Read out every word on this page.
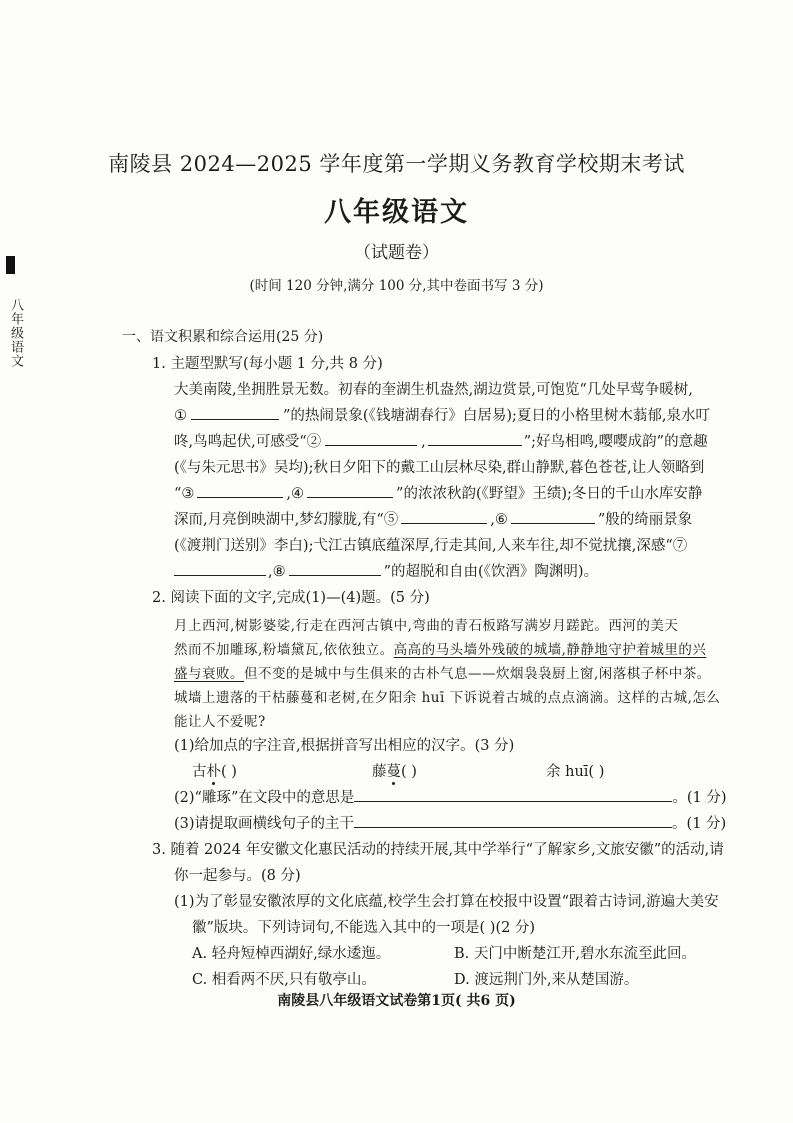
八年级语文
南陵县 2024—2025 学年度第一学期义务教育学校期末考试
八年级语文
（试题卷）
(时间 120 分钟,满分 100 分,其中卷面书写 3 分)
一、语文积累和综合运用(25 分)
1. 主题型默写(每小题 1 分,共 8 分)
大美南陵,坐拥胜景无数。初春的奎湖生机盎然,湖边赏景,可饱览“几处早莺争暖树,
①	”的热闹景象(《钱塘湖春行》白居易);夏日的小格里树木蓊郁,泉水叮
咚,鸟鸣起伏,可感受“②	,	”;好鸟相鸣,嘤嘤成韵”的意趣
(《与朱元思书》吴均);秋日夕阳下的戴工山层林尽染,群山静默,暮色苍苍,让人领略到
“③	,④	”的浓浓秋韵(《野望》王绩);冬日的千山水库安静
深而,月亮倒映湖中,梦幻朦胧,有“⑤	,⑥	”般的绮丽景象
(《渡荆门送别》李白);弋江古镇底蕴深厚,行走其间,人来车往,却不觉扰攘,深感“⑦
,⑧	”的超脱和自由(《饮酒》陶渊明)。
2. 阅读下面的文字,完成(1)—(4)题。(5 分)
月上西河,树影婆娑,行走在西河古镇中,弯曲的青石板路写满岁月蹉跎。西河的美天
然而不加雕琢,粉墙黛瓦,依依独立。高高的马头墙外残破的城墙,静静地守护着城里的兴
盛与衰败。但不变的是城中与生俱来的古朴气息——炊烟袅袅厨上窗,闲落棋子杯中茶。
城墙上遗落的干枯藤蔓和老树,在夕阳余 huī 下诉说着古城的点点滴滴。这样的古城,怎么
能让人不爱呢?
(1)给加点的字注音,根据拼音写出相应的汉字。(3 分)
古朴( )	藤蔓( )	余 huī( )
(2)“雕琢”在文段中的意思是	。(1 分)
(3)请提取画横线句子的主干	。(1 分)
3. 随着 2024 年安徽文化惠民活动的持续开展,其中学举行“了解家乡,文旅安徽”的活动,请
你一起参与。(8 分)
(1)为了彰显安徽浓厚的文化底蕴,校学生会打算在校报中设置“跟着古诗词,游遍大美安
徽”版块。下列诗词句,不能选入其中的一项是( )(2 分)
A. 轻舟短棹西湖好,绿水逶迤。	B. 天门中断楚江开,碧水东流至此回。
C. 相看两不厌,只有敬亭山。	D. 渡远荆门外,来从楚国游。
南陵县八年级语文试卷第1页( 共6 页)
